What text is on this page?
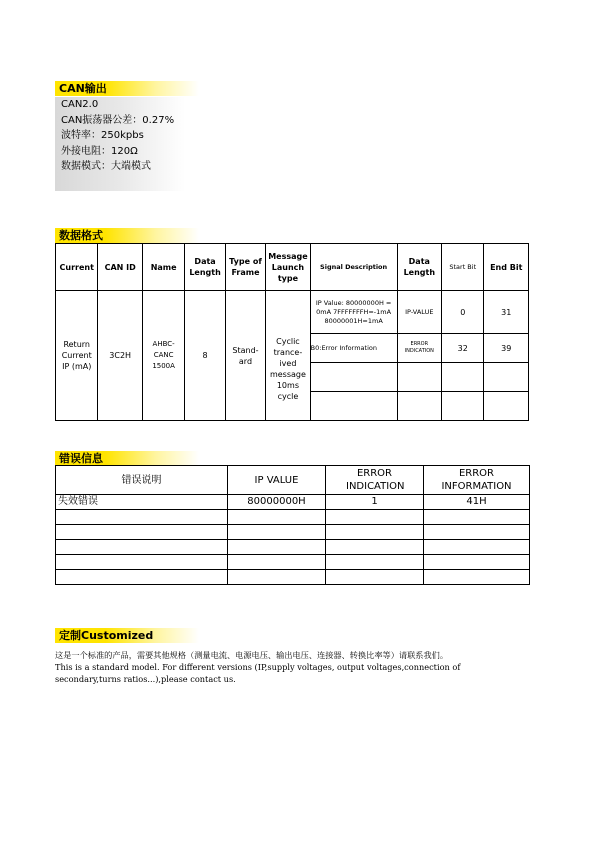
CAN输出
CAN2.0
CAN振荡器公差：0.27%
波特率：250kpbs
外接电阻：120Ω
数据模式：大端模式
数据格式
Current	CAN ID	Name	Data Length	Type of Frame	Message Launch type	Signal Description	Data Length	Start Bit	End Bit
Return Current IP (mA)	3C2H	AHBC-CANC 1500A	8	Stand-ard	Cyclic trance-ived message 10ms cycle	IP Value: 80000000H = 0mA 7FFFFFFFH=-1mA 80000001H=1mA	IP-VALUE	0	31
						B0:Error Information	ERROR INDICATION	32	39

错误信息
错误说明	IP VALUE	ERROR INDICATION	ERROR INFORMATION
失效错误	80000000H	1	41H

定制Customized
这是一个标准的产品，需要其他规格（测量电流、电源电压、输出电压、连接器、转换比率等）请联系我们。
This is a standard model. For different versions (IP,supply voltages, output voltages,connection of
secondary,turns ratios...),please contact us.
